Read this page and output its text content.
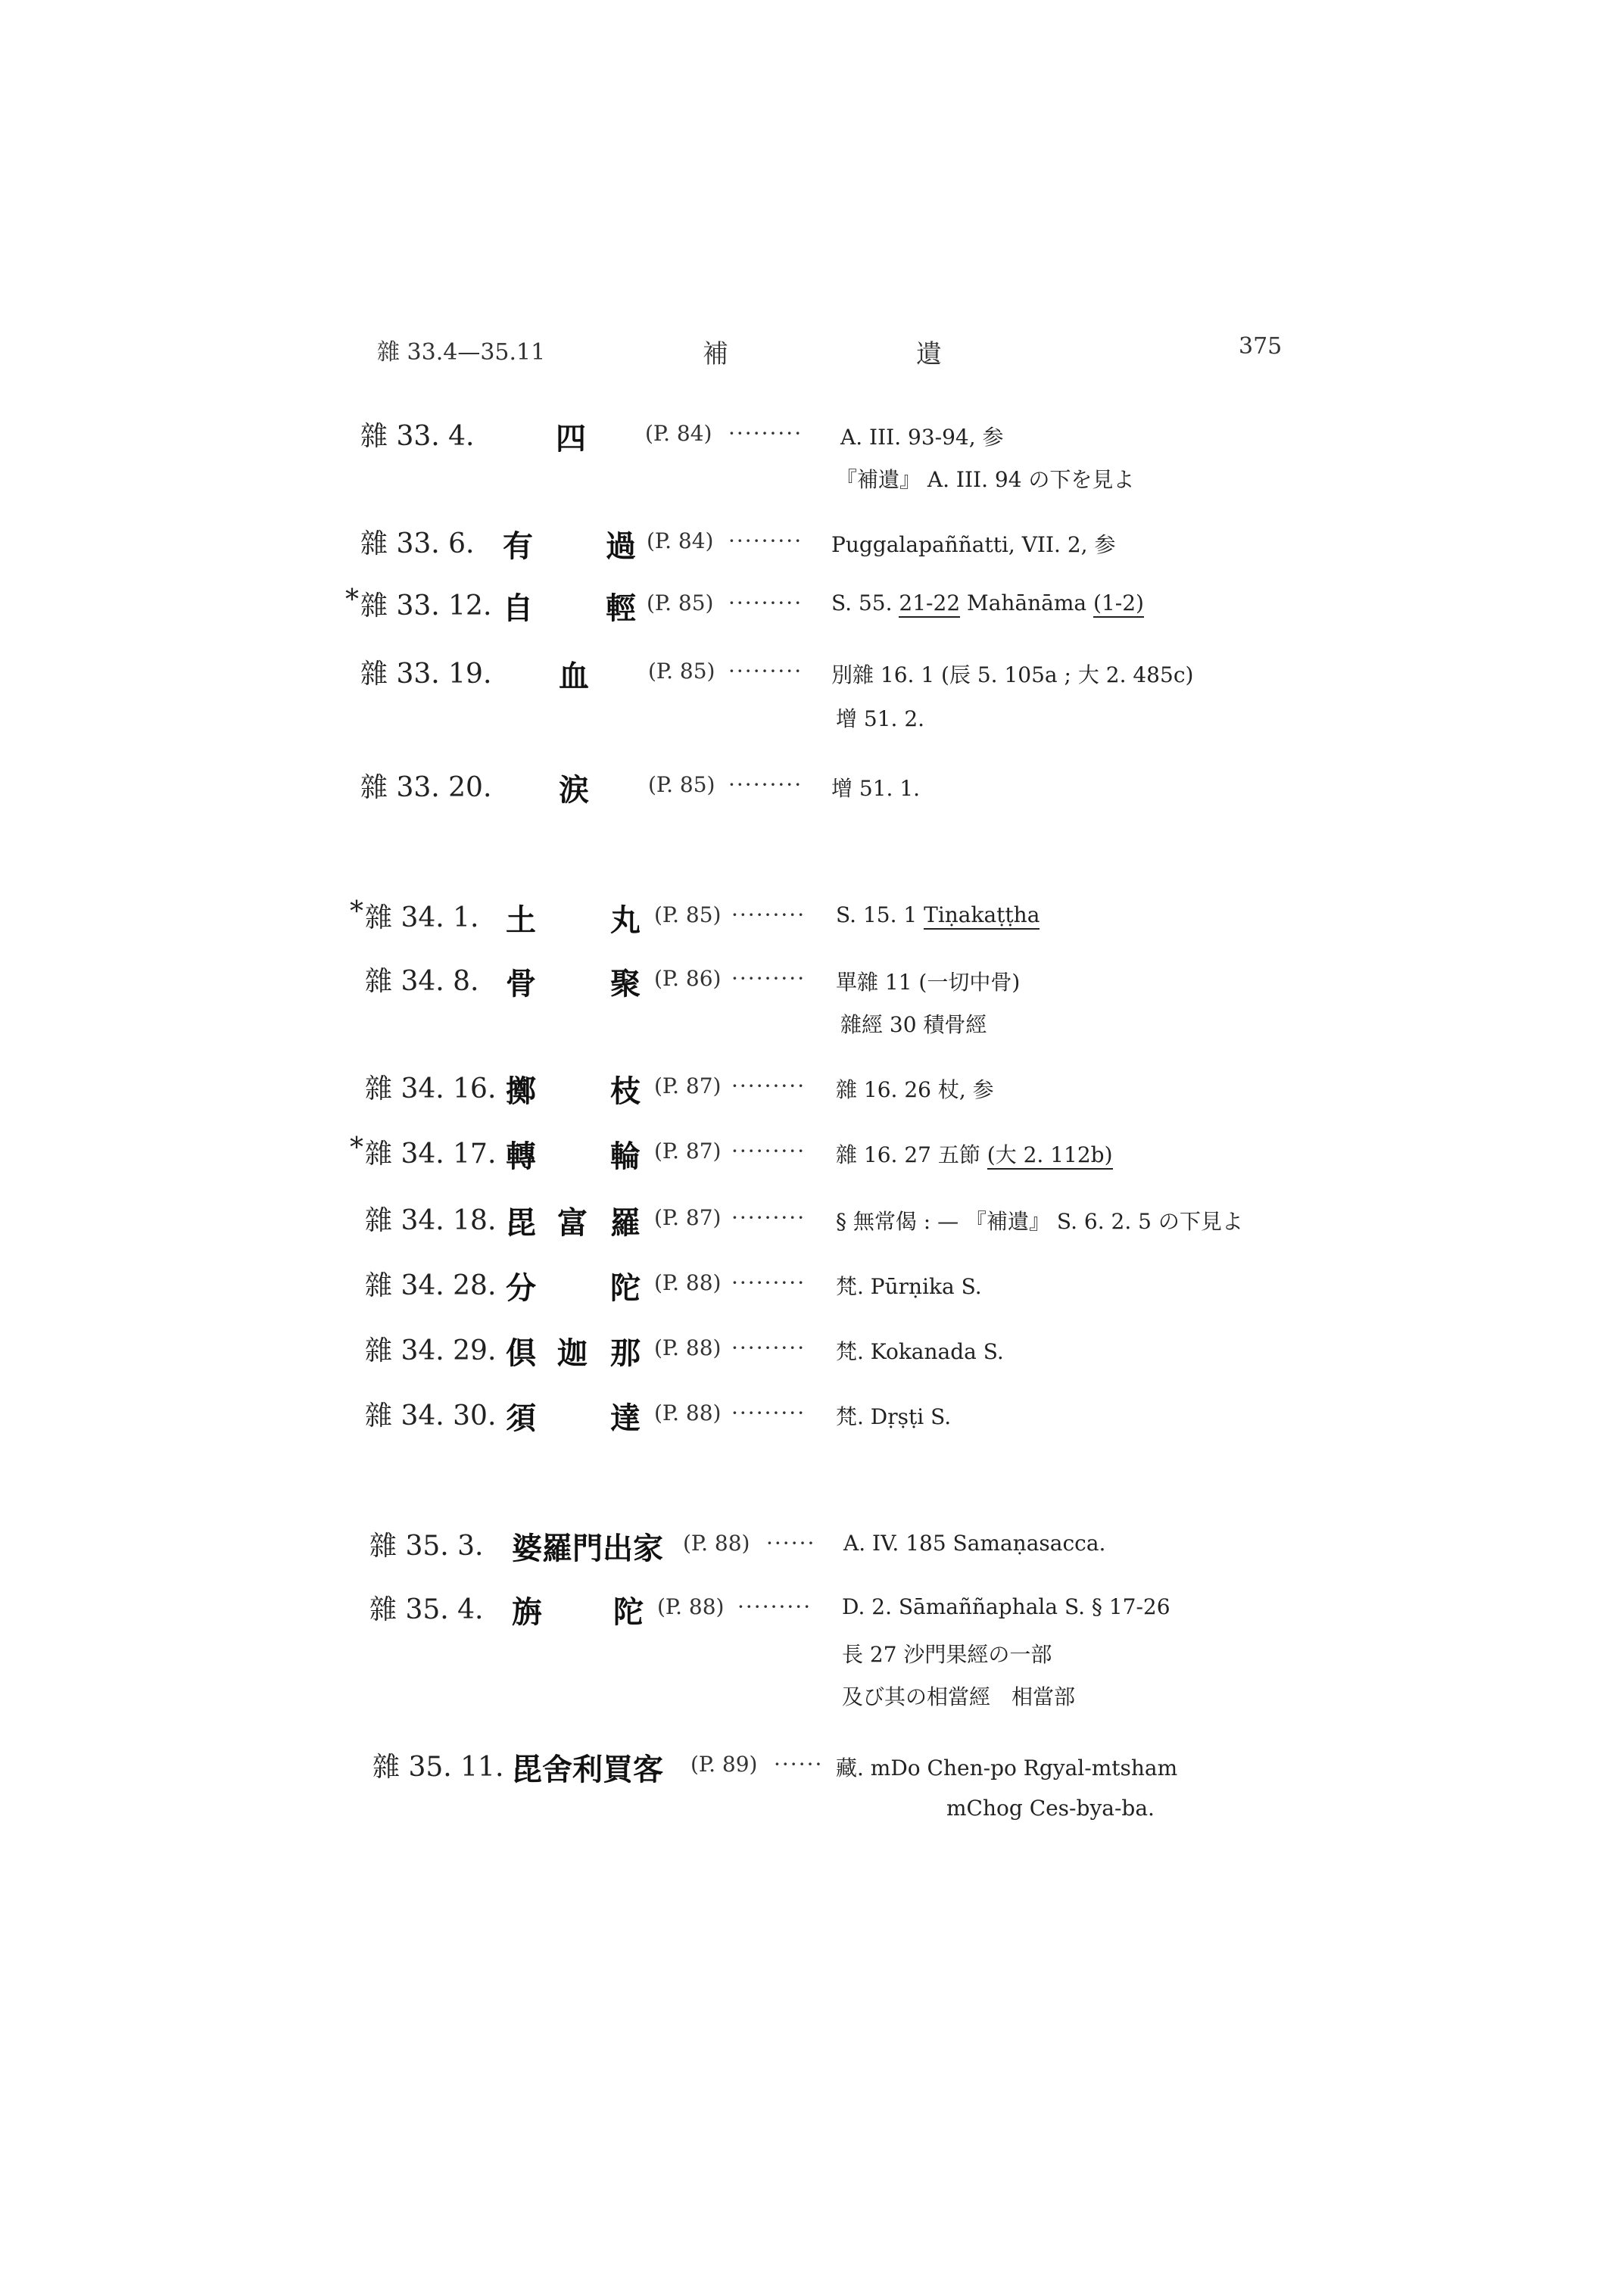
雜 33.4—35.11	補	遺	375
雜 33. 4.	四	(P. 84) ········· A. III. 93-94, 参
『補遺』 A. III. 94 の下を見よ
雜 33. 6. 有 過 (P. 84) ········· Puggalapaññatti, VII. 2, 参
* 雜 33. 12. 自 輕 (P. 85) ········· S. 55. 21-22 Mahānāma (1-2)
雜 33. 19. 血	(P. 85) ········· 別雜 16. 1 (辰 5. 105a ; 大 2. 485c)
增 51. 2.
雜 33. 20. 涙	(P. 85) ········· 增 51. 1.
* 雜 34. 1. 土 丸 (P. 85) ········· S. 15. 1 Tiṇakaṭṭha
雜 34. 8. 骨 聚 (P. 86) ········· 單雜 11 (一切中骨)
雜經 30 積骨經
雜 34. 16. 擲 枝 (P. 87) ········· 雜 16. 26 杖, 参
* 雜 34. 17. 轉 輪 (P. 87) ········· 雜 16. 27 五節 (大 2. 112b)
雜 34. 18. 毘 富 羅 (P. 87) ········· § 無常偈 : — 『補遺』 S. 6. 2. 5 の下見よ
雜 34. 28. 分 陀 (P. 88) ········· 梵. Pūrṇika S.
雜 34. 29. 倶 迦 那 (P. 88) ········· 梵. Kokanada S.
雜 34. 30. 須 達 (P. 88) ········· 梵. Dṛṣṭi S.
雜 35. 3. 婆羅門出家 (P. 88) ······ A. IV. 185 Samaṇasacca.
雜 35. 4. 旃 陀 (P. 88) ········· D. 2. Sāmaññaphala S. § 17-26
長 27 沙門果經の一部
及び其の相當經　相當部
雜 35. 11. 毘舍利買客 (P. 89) ······ 藏. mDo Chen-po Rgyal-mtsham
mChog Ces-bya-ba.
